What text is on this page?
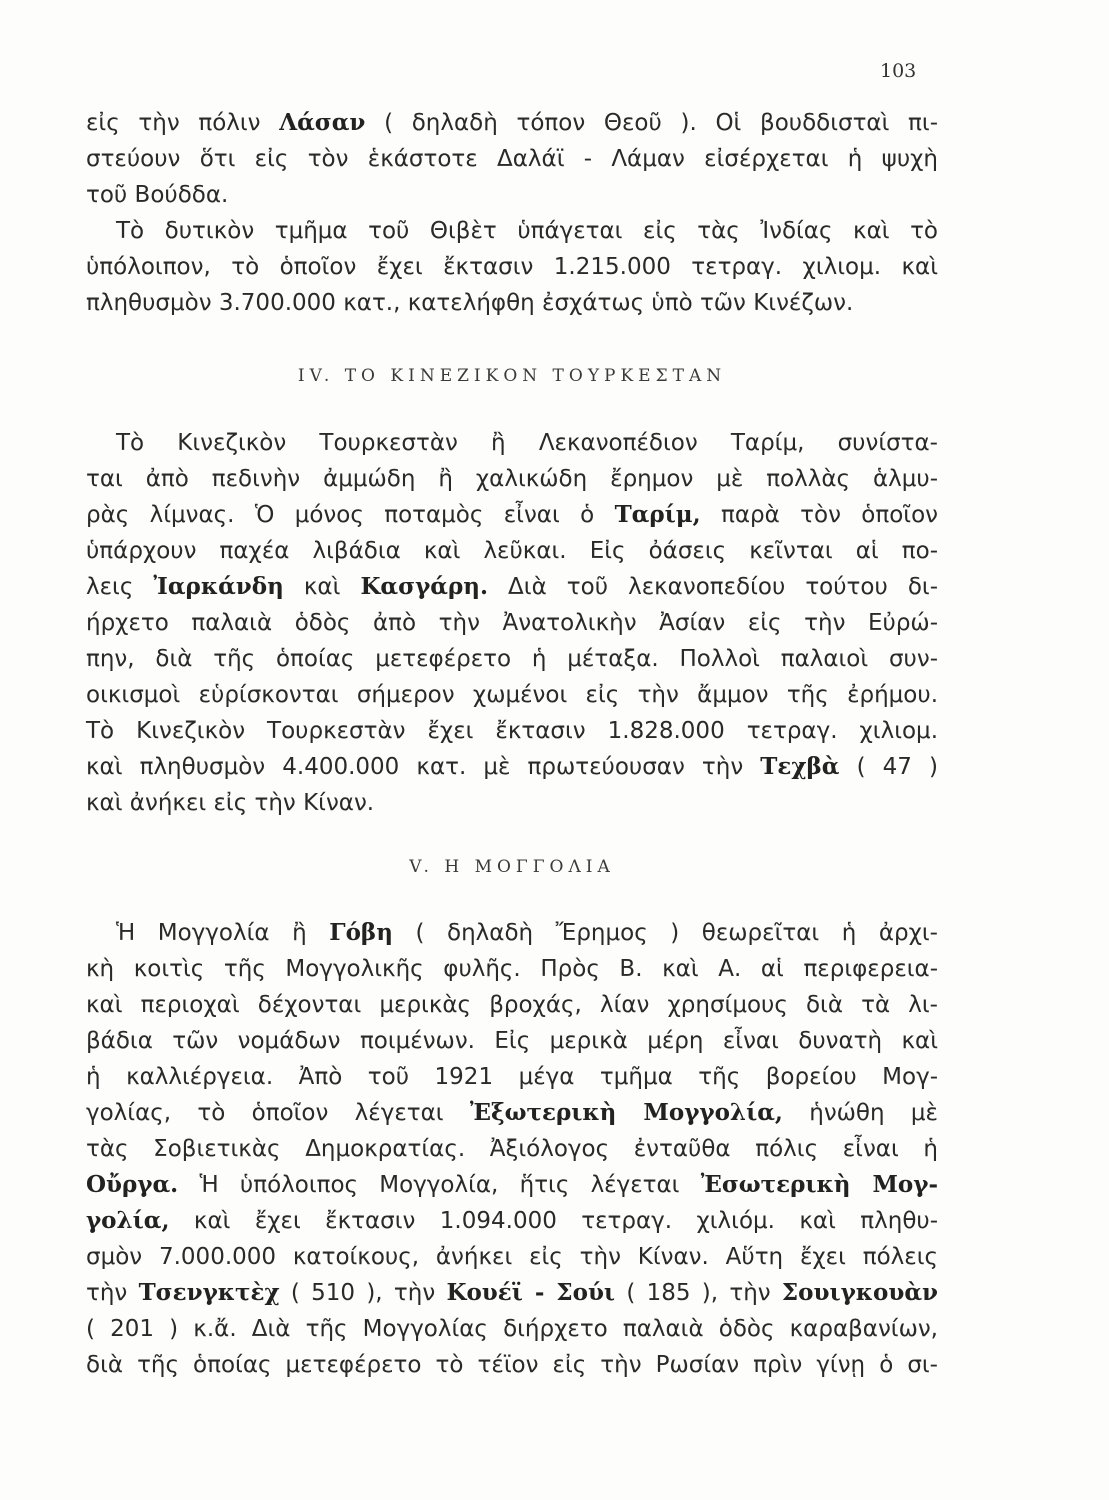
103
εἰς τὴν πόλιν Λάσαν ( δηλαδὴ τόπον Θεοῦ ). Οἱ βουδδισταὶ πι-
στεύουν ὅτι εἰς τὸν ἑκάστοτε Δαλάϊ - Λάμαν εἰσέρχεται ἡ ψυχὴ
τοῦ Βούδδα.
Τὸ δυτικὸν τμῆμα τοῦ Θιβὲτ ὑπάγεται εἰς τὰς Ἰνδίας καὶ τὸ
ὑπόλοιπον, τὸ ὁποῖον ἔχει ἔκτασιν 1.215.000 τετραγ. χιλιομ. καὶ
πληθυσμὸν 3.700.000 κατ., κατελήφθη ἐσχάτως ὑπὸ τῶν Κινέζων.
IV. ΤΟ ΚΙΝΕΖΙΚΟΝ ΤΟΥΡΚΕΣΤΑΝ
Τὸ Κινεζικὸν Τουρκεστὰν ἢ Λεκανοπέδιον Ταρίμ, συνίστα-
ται ἀπὸ πεδινὴν ἀμμώδη ἢ χαλικώδη ἔρημον μὲ πολλὰς ἁλμυ-
ρὰς λίμνας. Ὁ μόνος ποταμὸς εἶναι ὁ Ταρίμ, παρὰ τὸν ὁποῖον
ὑπάρχουν παχέα λιβάδια καὶ λεῦκαι. Εἰς ὀάσεις κεῖνται αἱ πο-
λεις Ἰαρκάνδη καὶ Κασγάρη. Διὰ τοῦ λεκανοπεδίου τούτου δι-
ήρχετο παλαιὰ ὁδὸς ἀπὸ τὴν Ἀνατολικὴν Ἀσίαν εἰς τὴν Εὐρώ-
πην, διὰ τῆς ὁποίας μετεφέρετο ἡ μέταξα. Πολλοὶ παλαιοὶ συν-
οικισμοὶ εὑρίσκονται σήμερον χωμένοι εἰς τὴν ἄμμον τῆς ἐρήμου.
Τὸ Κινεζικὸν Τουρκεστὰν ἔχει ἔκτασιν 1.828.000 τετραγ. χιλιομ.
καὶ πληθυσμὸν 4.400.000 κατ. μὲ πρωτεύουσαν τὴν Τεχβὰ ( 47 )
καὶ ἀνήκει εἰς τὴν Κίναν.
V. Η ΜΟΓΓΟΛΙΑ
Ἡ Μογγολία ἢ Γόβη ( δηλαδὴ Ἔρημος ) θεωρεῖται ἡ ἀρχι-
κὴ κοιτὶς τῆς Μογγολικῆς φυλῆς. Πρὸς Β. καὶ Α. αἱ περιφερεια-
καὶ περιοχαὶ δέχονται μερικὰς βροχάς, λίαν χρησίμους διὰ τὰ λι-
βάδια τῶν νομάδων ποιμένων. Εἰς μερικὰ μέρη εἶναι δυνατὴ καὶ
ἡ καλλιέργεια. Ἀπὸ τοῦ 1921 μέγα τμῆμα τῆς βορείου Μογ-
γολίας, τὸ ὁποῖον λέγεται Ἐξωτερικὴ Μογγολία, ἡνώθη μὲ
τὰς Σοβιετικὰς Δημοκρατίας. Ἀξιόλογος ἐνταῦθα πόλις εἶναι ἡ
Οὔργα. Ἡ ὑπόλοιπος Μογγολία, ἥτις λέγεται Ἐσωτερικὴ Μογ-
γολία, καὶ ἔχει ἔκτασιν 1.094.000 τετραγ. χιλιόμ. καὶ πληθυ-
σμὸν 7.000.000 κατοίκους, ἀνήκει εἰς τὴν Κίναν. Αὕτη ἔχει πόλεις
τὴν Τσενγκτὲχ ( 510 ), τὴν Κουέϊ - Σούι ( 185 ), τὴν Σουιγκουὰν
( 201 ) κ.ἄ. Διὰ τῆς Μογγολίας διήρχετο παλαιὰ ὁδὸς καραβανίων,
διὰ τῆς ὁποίας μετεφέρετο τὸ τέϊον εἰς τὴν Ρωσίαν πρὶν γίνῃ ὁ σι-
